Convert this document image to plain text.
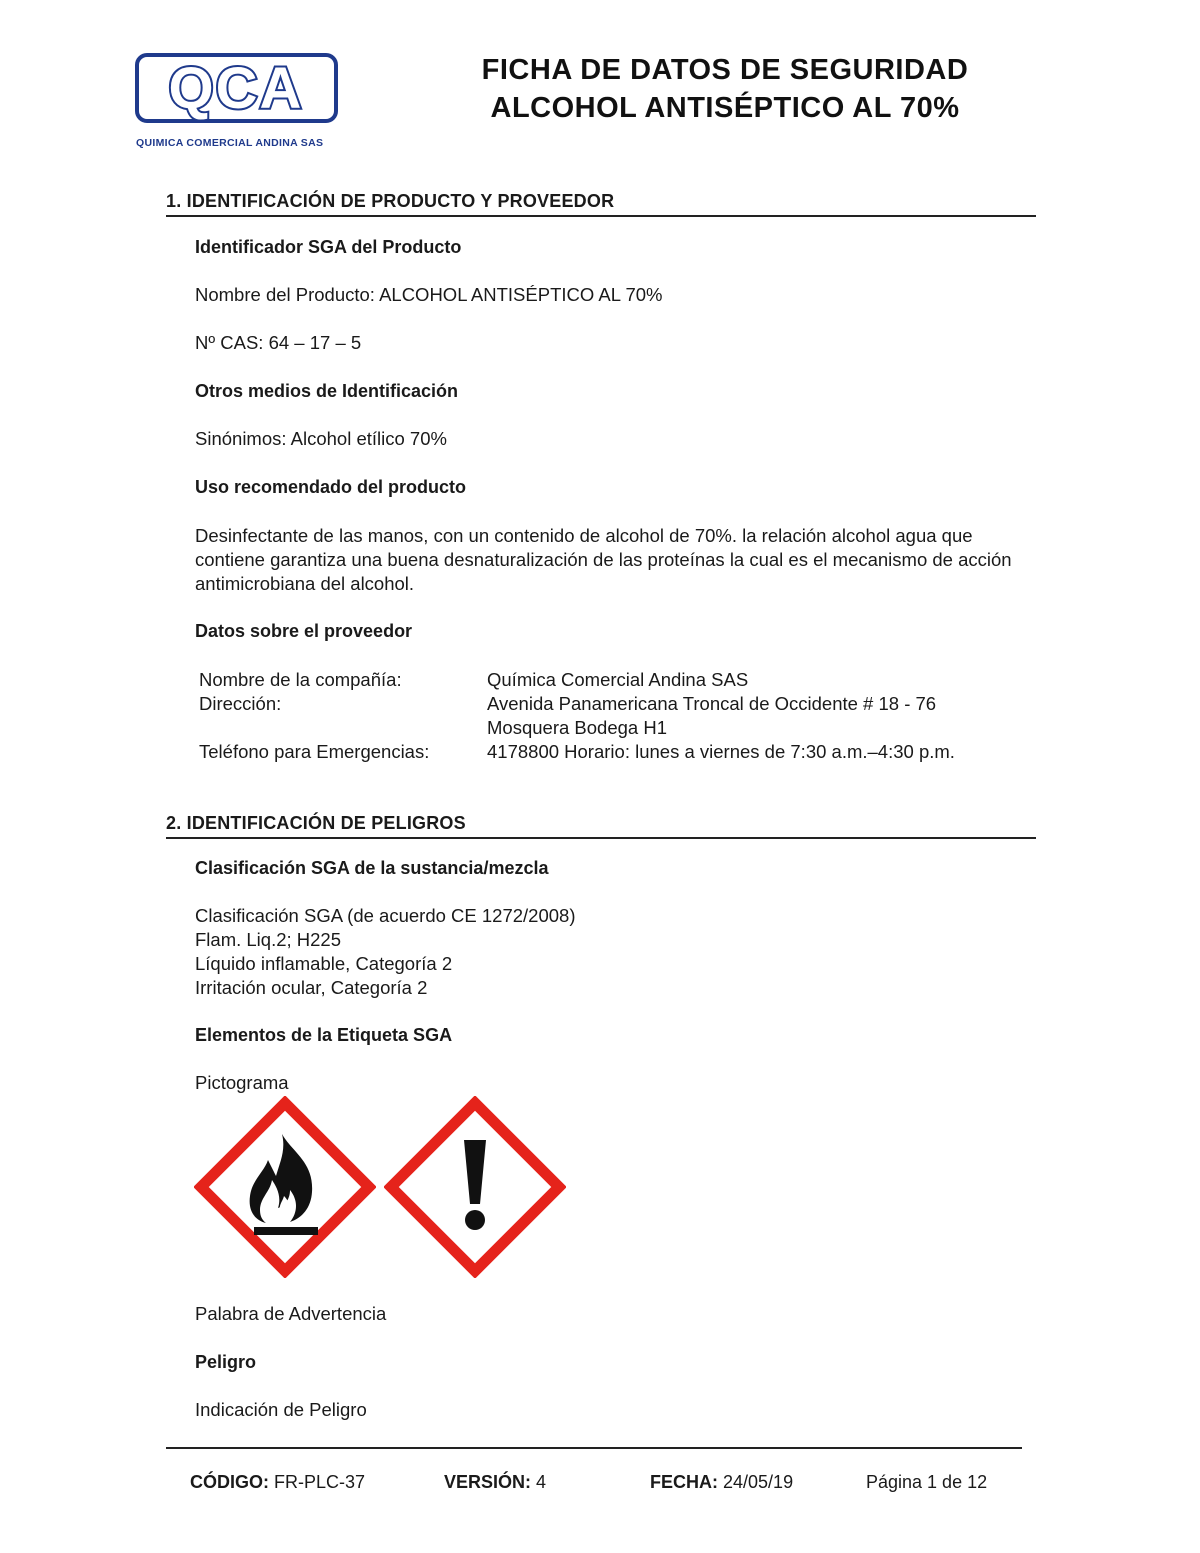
QCA
QUIMICA COMERCIAL ANDINA SAS
FICHA DE DATOS DE SEGURIDAD
ALCOHOL ANTISÉPTICO AL 70%
1. IDENTIFICACIÓN DE PRODUCTO Y PROVEEDOR
Identificador SGA del Producto
Nombre del Producto: ALCOHOL ANTISÉPTICO AL 70%
Nº CAS: 64 – 17 – 5
Otros medios de Identificación
Sinónimos: Alcohol etílico 70%
Uso recomendado del producto
Desinfectante de las manos, con un contenido de alcohol de 70%. la relación alcohol agua que contiene garantiza una buena desnaturalización de las proteínas la cual es el mecanismo de acción antimicrobiana del alcohol.
Datos sobre el proveedor
Nombre de la compañía:	Química Comercial Andina SAS
Dirección:	Avenida Panamericana Troncal de Occidente # 18 - 76
Mosquera Bodega H1
Teléfono para Emergencias:	4178800 Horario: lunes a viernes de 7:30 a.m.–4:30 p.m.
2. IDENTIFICACIÓN DE PELIGROS
Clasificación SGA de la sustancia/mezcla
Clasificación SGA (de acuerdo CE 1272/2008)
Flam. Liq.2; H225
Líquido inflamable, Categoría 2
Irritación ocular, Categoría 2
Elementos de la Etiqueta SGA
Pictograma
Palabra de Advertencia
Peligro
Indicación de Peligro
CÓDIGO: FR-PLC-37	VERSIÓN: 4	FECHA: 24/05/19	Página 1 de 12
